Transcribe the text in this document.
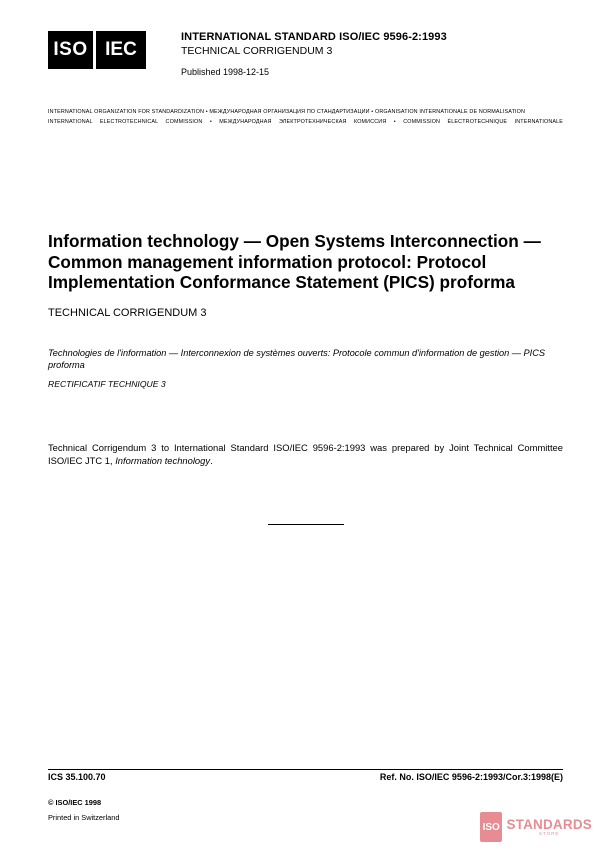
ISO IEC
INTERNATIONAL STANDARD ISO/IEC 9596-2:1993
TECHNICAL CORRIGENDUM 3
Published 1998-12-15
INTERNATIONAL ORGANIZATION FOR STANDARDIZATION • МЕЖДУНАРОДНАЯ ОРГАНИЗАЦИЯ ПО СТАНДАРТИЗАЦИИ • ORGANISATION INTERNATIONALE DE NORMALISATION
INTERNATIONAL ELECTROTECHNICAL COMMISSION • МЕЖДУНАРОДНАЯ ЭЛЕКТРОТЕХНИЧЕСКАЯ КОМИССИЯ • COMMISSION ÉLECTROTECHNIQUE INTERNATIONALE
Information technology — Open Systems Interconnection — Common management information protocol: Protocol Implementation Conformance Statement (PICS) proforma
TECHNICAL CORRIGENDUM 3
Technologies de l'information — Interconnexion de systèmes ouverts: Protocole commun d'information de gestion — PICS proforma
RECTIFICATIF TECHNIQUE 3
Technical Corrigendum 3 to International Standard ISO/IEC 9596-2:1993 was prepared by Joint Technical Committee ISO/IEC JTC 1, Information technology.
ICS 35.100.70	Ref. No. ISO/IEC 9596-2:1993/Cor.3:1998(E)
© ISO/IEC 1998
Printed in Switzerland
ISO STANDARDS
STORE
